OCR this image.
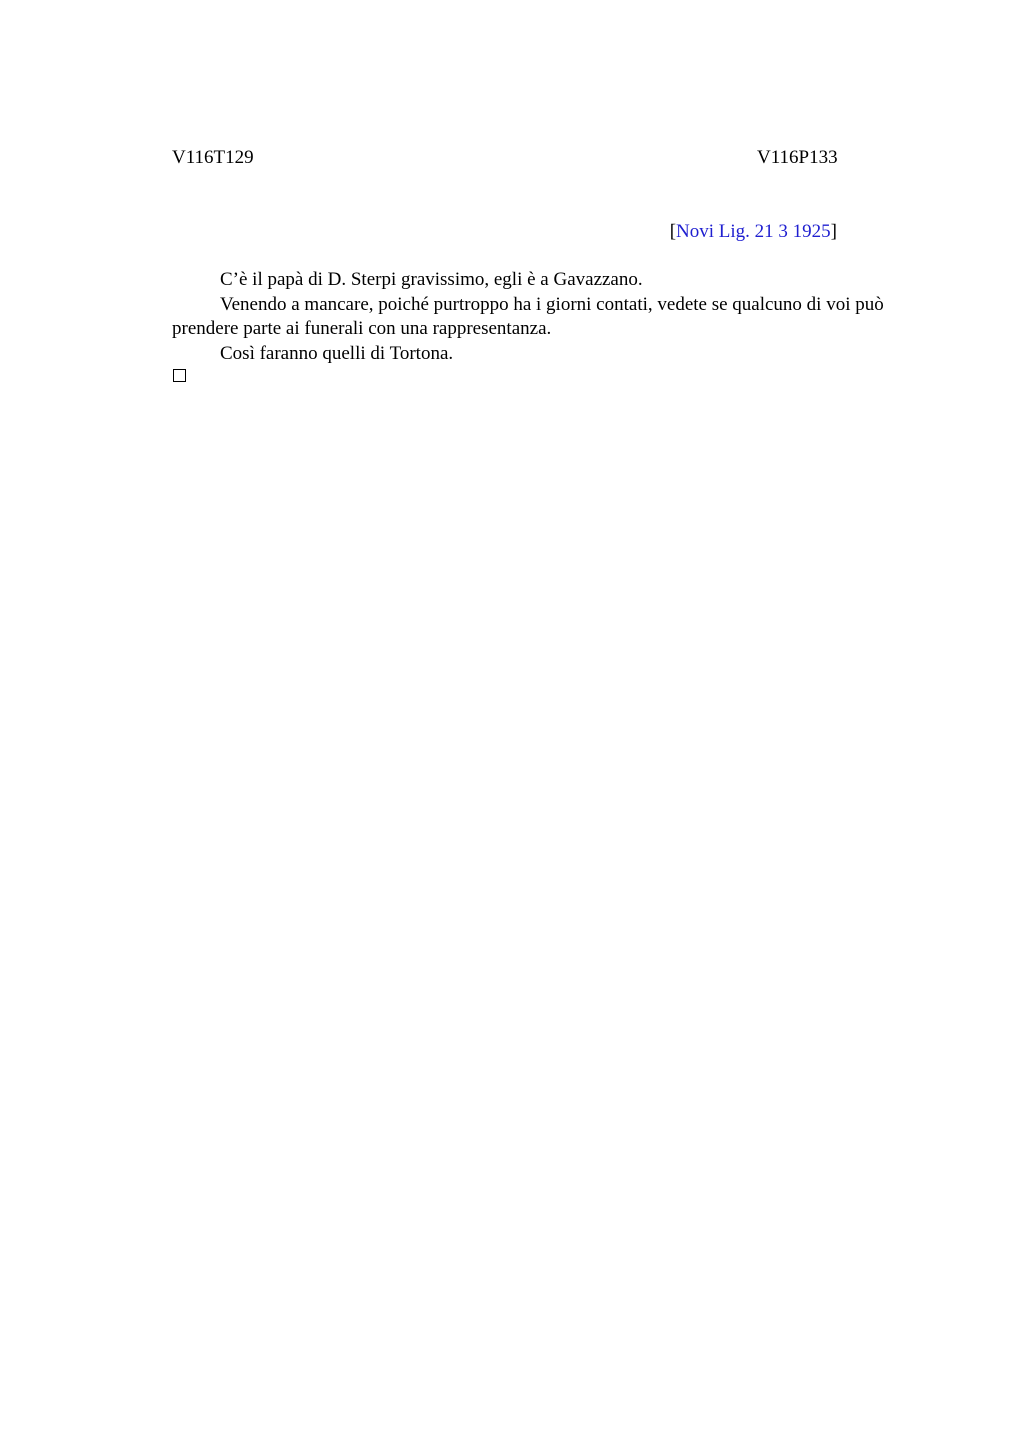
V116T129	V116P133
[Novi Lig. 21 3 1925]

C’è il papà di D. Sterpi gravissimo, egli è a Gavazzano.

Venendo a mancare, poiché purtroppo ha i giorni contati, vedete se qualcuno di voi può prendere parte ai funerali con una rappresentanza.

Così faranno quelli di Tortona.
